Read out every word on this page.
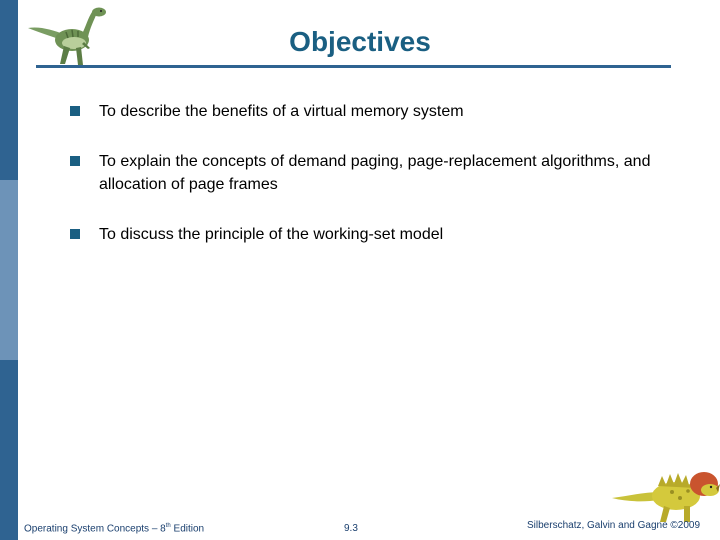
Objectives
To describe the benefits of a virtual memory system
To explain the concepts of demand paging, page-replacement algorithms, and allocation of page frames
To discuss the principle of the working-set model
Operating System Concepts – 8th Edition	9.3	Silberschatz, Galvin and Gagne ©2009
